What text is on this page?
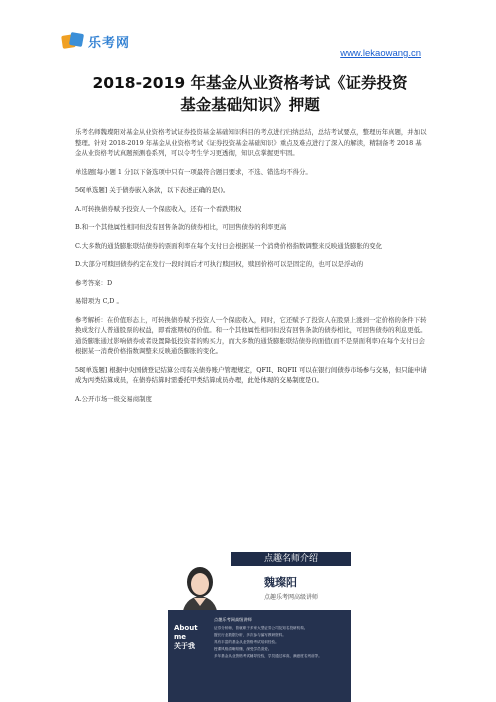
乐考网
www.lekaowang.cn
2018-2019 年基金从业资格考试《证券投资
基金基础知识》押题

乐考名师魏璨阳对基金从业资格考试证券投资基金基础知识科目的考点进行归纳总结，总结考试要点，整理历年真题，并加以整理。针对 2018-2019 年基金从业资格考试《证券投资基金基础知识》重点及难点进行了深入的解读，精制备考 2018 基金从业资格考试真题预测卷系列，可以令考生学习更透彻，知识点掌握更牢固。

单选题[每小题 1 分]以下备选项中只有一项最符合题目要求，不选、错选均不得分。

56[单选题] 关于债券嵌入条款，以下表述正确的是()。

A.可转换债券赋予投资人一个保底收入，还有一个看跌期权

B.和一个其他属性相同但没有回售条款的债券相比，可回售债券的利率更高

C.大多数的通货膨胀联结债券的票面利率在每个支付日会根据某一个消费价格指数调整来反映通货膨胀的变化

D.大部分可赎回债券约定在发行一段时间后才可执行赎回权，赎回价格可以是固定的，也可以是浮动的

参考答案：D

易错项为 C,D 。

参考解析：在价值形态上，可转换债券赋予投资人一个保底收入，同时，它还赋予了投资人在股票上涨到一定价格的条件下转换成发行人普通股票的权益，即看涨期权的价值。和一个其他属性相同但没有回售条款的债券相比，可回售债券的利息更低。通货膨胀通过影响债券或者设置降低投资者的购买力，而大多数的通货膨胀联结债券的面值(而不是票面利率)在每个支付日会根据某一消费价格指数调整来反映通货膨胀的变化。

58[单选题] 根据中央国债登记结算公司有关债券账户管理规定，QFII、RQFII 可以在银行间债券市场参与交易，但只能申请成为丙类结算成员，在债券结算时需委托甲类结算成员办理，此处体现的交易制度是()。

A.公开市场一级交易商制度

点趣名师介绍
魏璨阳
点趣乐考网高级讲师
About me
关于我
点趣乐考网高级讲师
证券分析师，曾就职于多家大型证券公司及知名投研机构。
擅长行业数据分析，多次参与编写教研资料。
具有丰富的基金从业资格考试培训经验。
授课风格清晰易懂，深受学员喜爱。
多年基金从业资格考试辅导经验，学员通过率高，满意度名列前茅。
